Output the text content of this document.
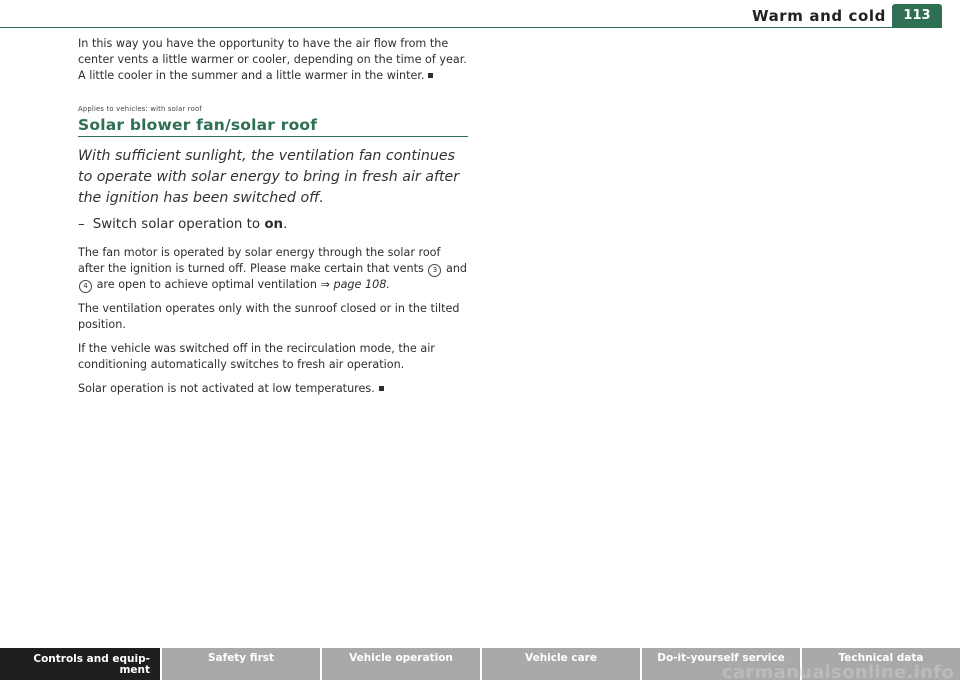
Warm and cold	113

In this way you have the opportunity to have the air flow from the center vents a little warmer or cooler, depending on the time of year. A little cooler in the summer and a little warmer in the winter.

Applies to vehicles: with solar roof
Solar blower fan/solar roof

With sufficient sunlight, the ventilation fan continues to operate with solar energy to bring in fresh air after the ignition has been switched off.

– Switch solar operation to on.

The fan motor is operated by solar energy through the solar roof after the ignition is turned off. Please make certain that vents 3 and 4 are open to achieve optimal ventilation ⇒ page 108.

The ventilation operates only with the sunroof closed or in the tilted position.

If the vehicle was switched off in the recirculation mode, the air conditioning automatically switches to fresh air operation.

Solar operation is not activated at low temperatures.

Controls and equip-
ment
Safety first	Vehicle operation	Vehicle care	Do-it-yourself service	Technical data
carmanualsonline.info
